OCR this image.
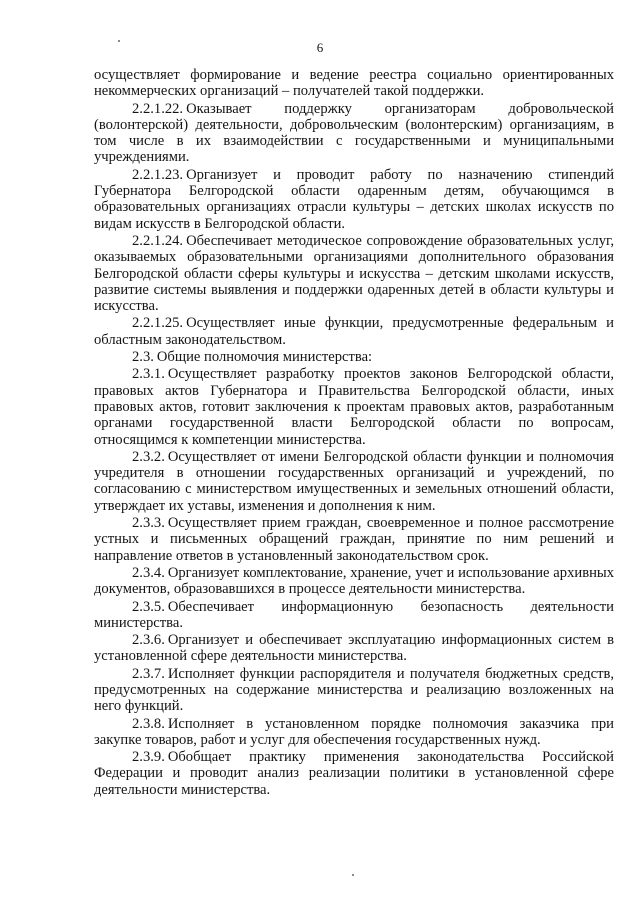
6

осуществляет формирование и ведение реестра социально ориентированных некоммерческих организаций – получателей такой поддержки.

2.2.1.22. Оказывает поддержку организаторам добровольческой (волонтерской) деятельности, добровольческим (волонтерским) организациям, в том числе в их взаимодействии с государственными и муниципальными учреждениями.

2.2.1.23. Организует и проводит работу по назначению стипендий Губернатора Белгородской области одаренным детям, обучающимся в образовательных организациях отрасли культуры – детских школах искусств по видам искусств в Белгородской области.

2.2.1.24. Обеспечивает методическое сопровождение образовательных услуг, оказываемых образовательными организациями дополнительного образования Белгородской области сферы культуры и искусства – детским школами искусств, развитие системы выявления и поддержки одаренных детей в области культуры и искусства.

2.2.1.25. Осуществляет иные функции, предусмотренные федеральным и областным законодательством.

2.3. Общие полномочия министерства:

2.3.1. Осуществляет разработку проектов законов Белгородской области, правовых актов Губернатора и Правительства Белгородской области, иных правовых актов, готовит заключения к проектам правовых актов, разработанным органами государственной власти Белгородской области по вопросам, относящимся к компетенции министерства.

2.3.2. Осуществляет от имени Белгородской области функции и полномочия учредителя в отношении государственных организаций и учреждений, по согласованию с министерством имущественных и земельных отношений области, утверждает их уставы, изменения и дополнения к ним.

2.3.3. Осуществляет прием граждан, своевременное и полное рассмотрение устных и письменных обращений граждан, принятие по ним решений и направление ответов в установленный законодательством срок.

2.3.4. Организует комплектование, хранение, учет и использование архивных документов, образовавшихся в процессе деятельности министерства.

2.3.5. Обеспечивает информационную безопасность деятельности министерства.

2.3.6. Организует и обеспечивает эксплуатацию информационных систем в установленной сфере деятельности министерства.

2.3.7. Исполняет функции распорядителя и получателя бюджетных средств, предусмотренных на содержание министерства и реализацию возложенных на него функций.

2.3.8. Исполняет в установленном порядке полномочия заказчика при закупке товаров, работ и услуг для обеспечения государственных нужд.

2.3.9. Обобщает практику применения законодательства Российской Федерации и проводит анализ реализации политики в установленной сфере деятельности министерства.
